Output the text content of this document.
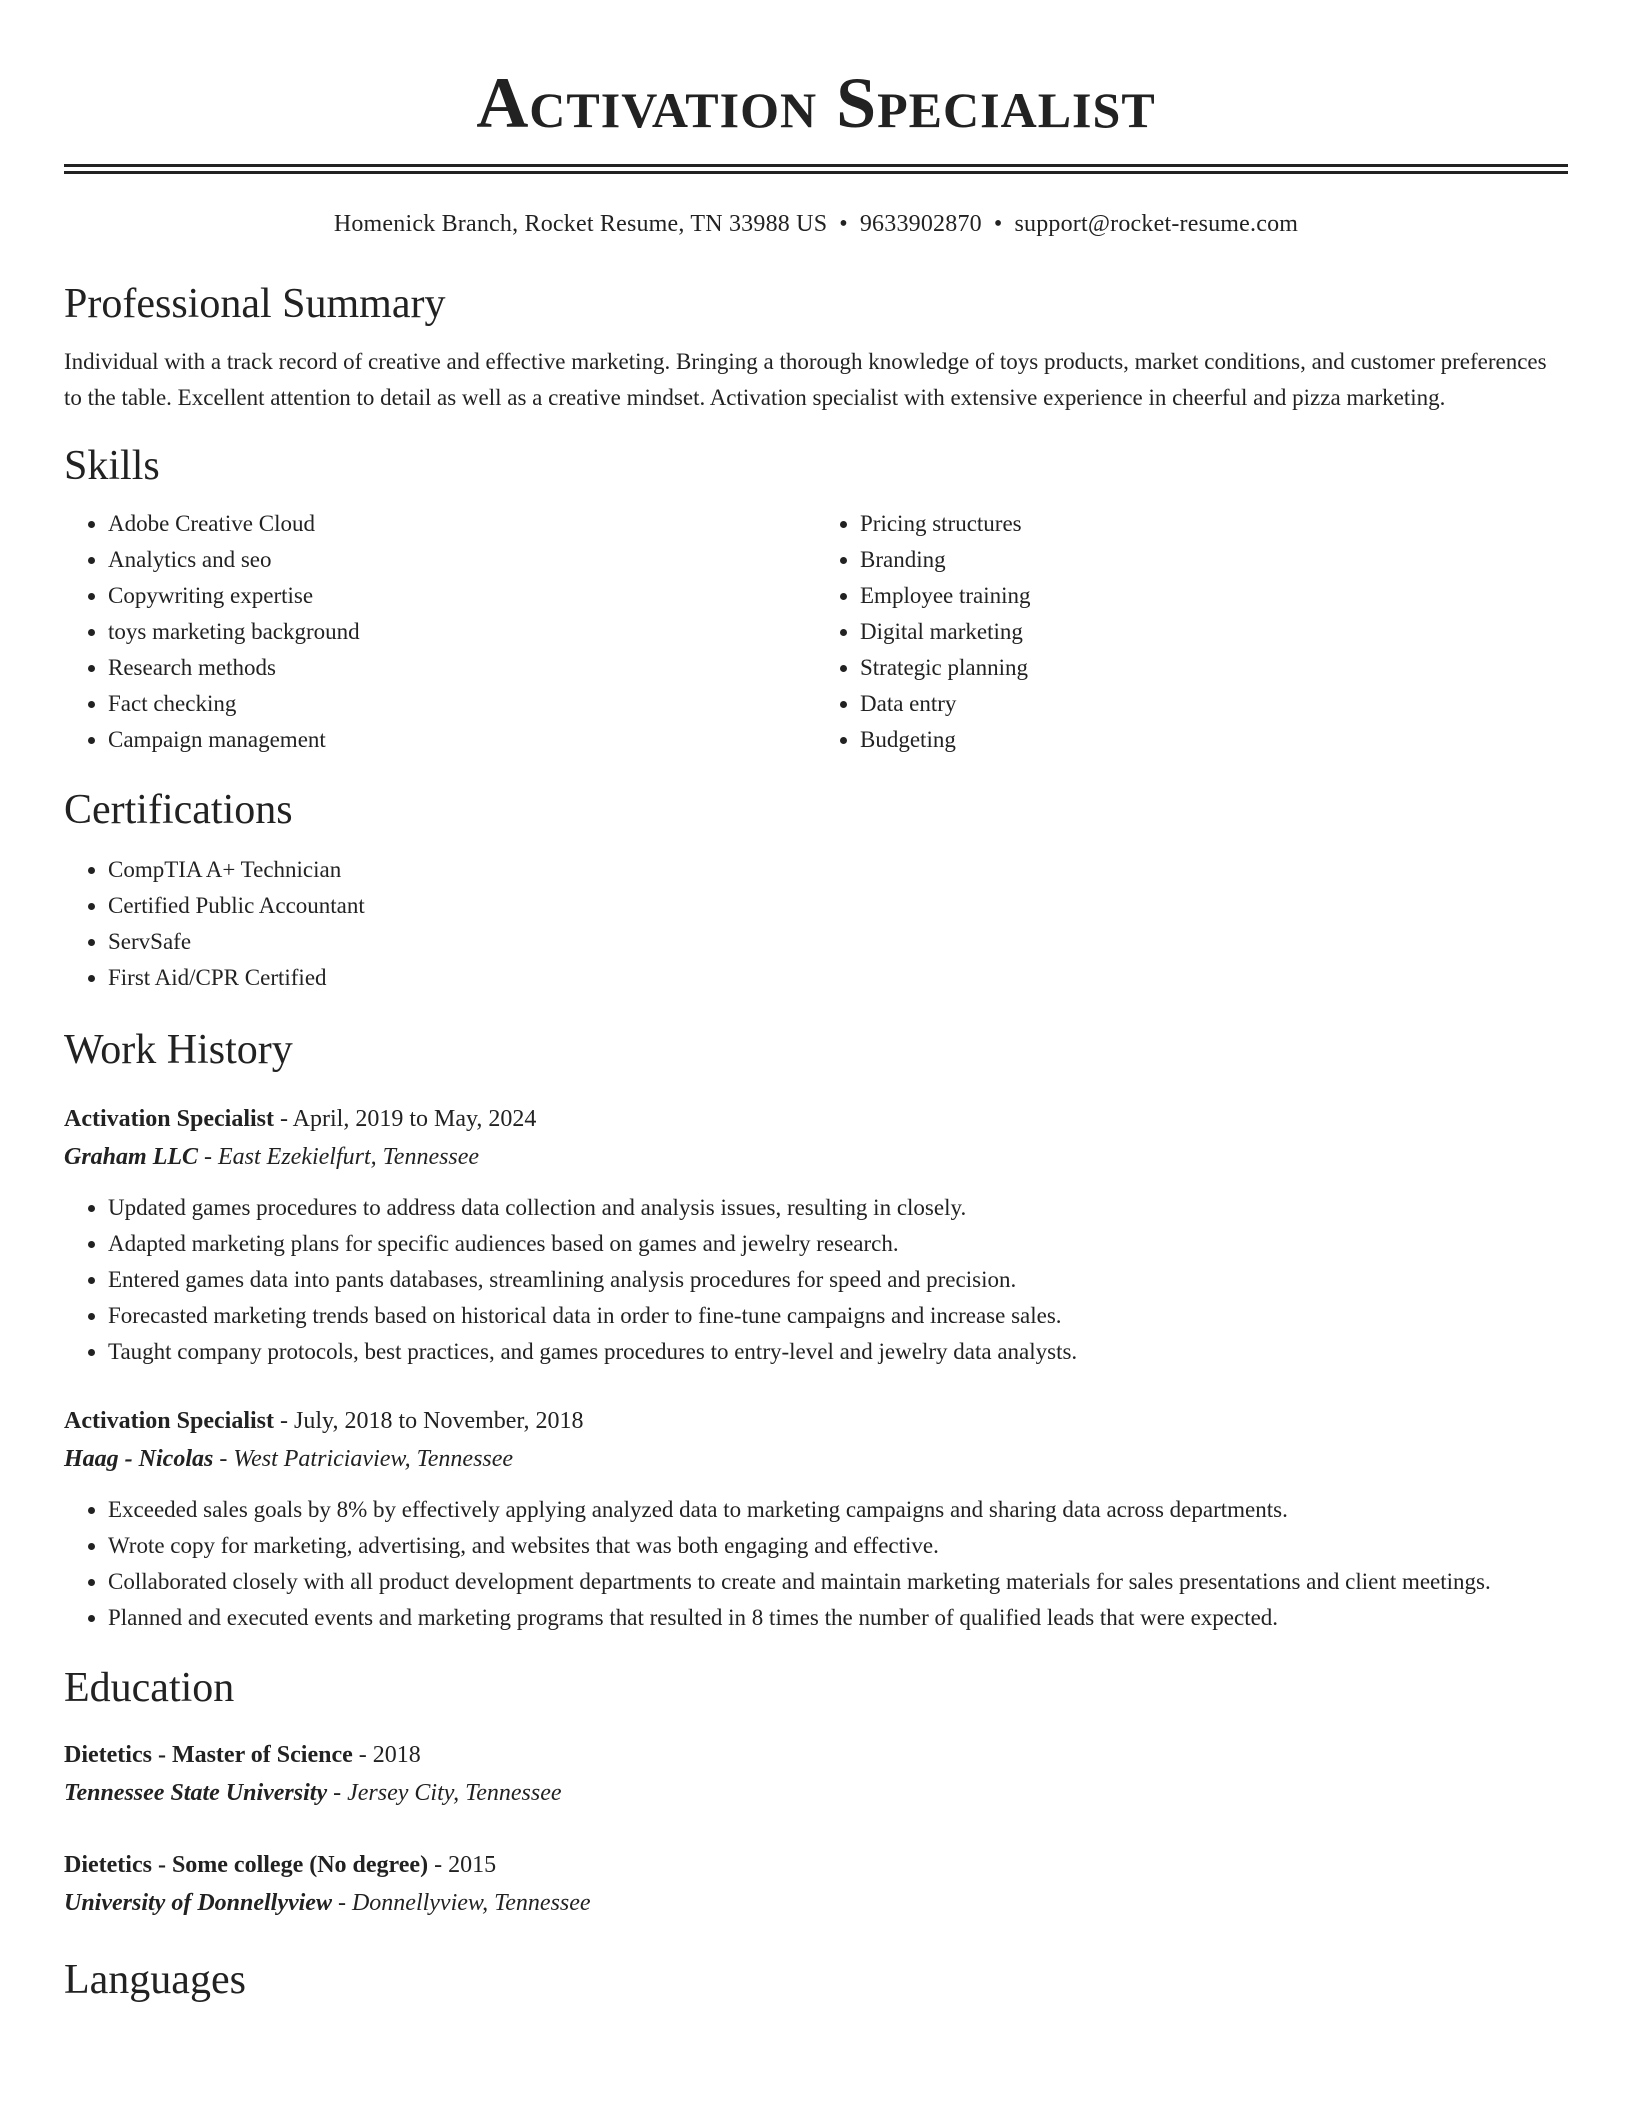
Activation Specialist
Homenick Branch, Rocket Resume, TN 33988 US • 9633902870 • support@rocket-resume.com
Professional Summary
Individual with a track record of creative and effective marketing. Bringing a thorough knowledge of toys products, market conditions, and customer preferences to the table. Excellent attention to detail as well as a creative mindset. Activation specialist with extensive experience in cheerful and pizza marketing.
Skills
• Adobe Creative Cloud
• Analytics and seo
• Copywriting expertise
• toys marketing background
• Research methods
• Fact checking
• Campaign management
• Pricing structures
• Branding
• Employee training
• Digital marketing
• Strategic planning
• Data entry
• Budgeting
Certifications
• CompTIA A+ Technician
• Certified Public Accountant
• ServSafe
• First Aid/CPR Certified
Work History
Activation Specialist - April, 2019 to May, 2024
Graham LLC - East Ezekielfurt, Tennessee
• Updated games procedures to address data collection and analysis issues, resulting in closely.
• Adapted marketing plans for specific audiences based on games and jewelry research.
• Entered games data into pants databases, streamlining analysis procedures for speed and precision.
• Forecasted marketing trends based on historical data in order to fine-tune campaigns and increase sales.
• Taught company protocols, best practices, and games procedures to entry-level and jewelry data analysts.
Activation Specialist - July, 2018 to November, 2018
Haag - Nicolas - West Patriciaview, Tennessee
• Exceeded sales goals by 8% by effectively applying analyzed data to marketing campaigns and sharing data across departments.
• Wrote copy for marketing, advertising, and websites that was both engaging and effective.
• Collaborated closely with all product development departments to create and maintain marketing materials for sales presentations and client meetings.
• Planned and executed events and marketing programs that resulted in 8 times the number of qualified leads that were expected.
Education
Dietetics - Master of Science - 2018
Tennessee State University - Jersey City, Tennessee
Dietetics - Some college (No degree) - 2015
University of Donnellyview - Donnellyview, Tennessee
Languages
